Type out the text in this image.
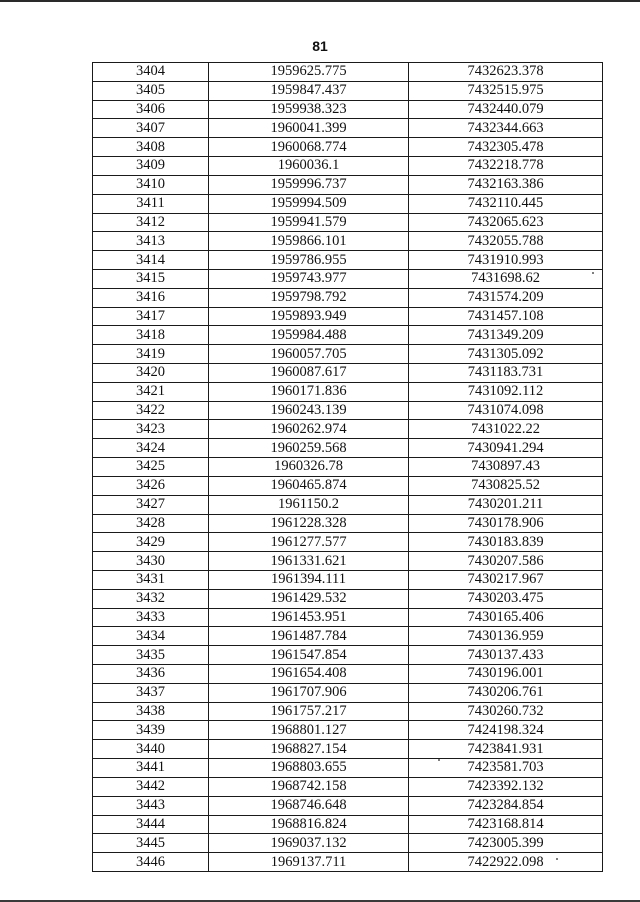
81
3404	1959625.775	7432623.378
3405	1959847.437	7432515.975
3406	1959938.323	7432440.079
3407	1960041.399	7432344.663
3408	1960068.774	7432305.478
3409	1960036.1	7432218.778
3410	1959996.737	7432163.386
3411	1959994.509	7432110.445
3412	1959941.579	7432065.623
3413	1959866.101	7432055.788
3414	1959786.955	7431910.993
3415	1959743.977	7431698.62
3416	1959798.792	7431574.209
3417	1959893.949	7431457.108
3418	1959984.488	7431349.209
3419	1960057.705	7431305.092
3420	1960087.617	7431183.731
3421	1960171.836	7431092.112
3422	1960243.139	7431074.098
3423	1960262.974	7431022.22
3424	1960259.568	7430941.294
3425	1960326.78	7430897.43
3426	1960465.874	7430825.52
3427	1961150.2	7430201.211
3428	1961228.328	7430178.906
3429	1961277.577	7430183.839
3430	1961331.621	7430207.586
3431	1961394.111	7430217.967
3432	1961429.532	7430203.475
3433	1961453.951	7430165.406
3434	1961487.784	7430136.959
3435	1961547.854	7430137.433
3436	1961654.408	7430196.001
3437	1961707.906	7430206.761
3438	1961757.217	7430260.732
3439	1968801.127	7424198.324
3440	1968827.154	7423841.931
3441	1968803.655	7423581.703
3442	1968742.158	7423392.132
3443	1968746.648	7423284.854
3444	1968816.824	7423168.814
3445	1969037.132	7423005.399
3446	1969137.711	7422922.098
